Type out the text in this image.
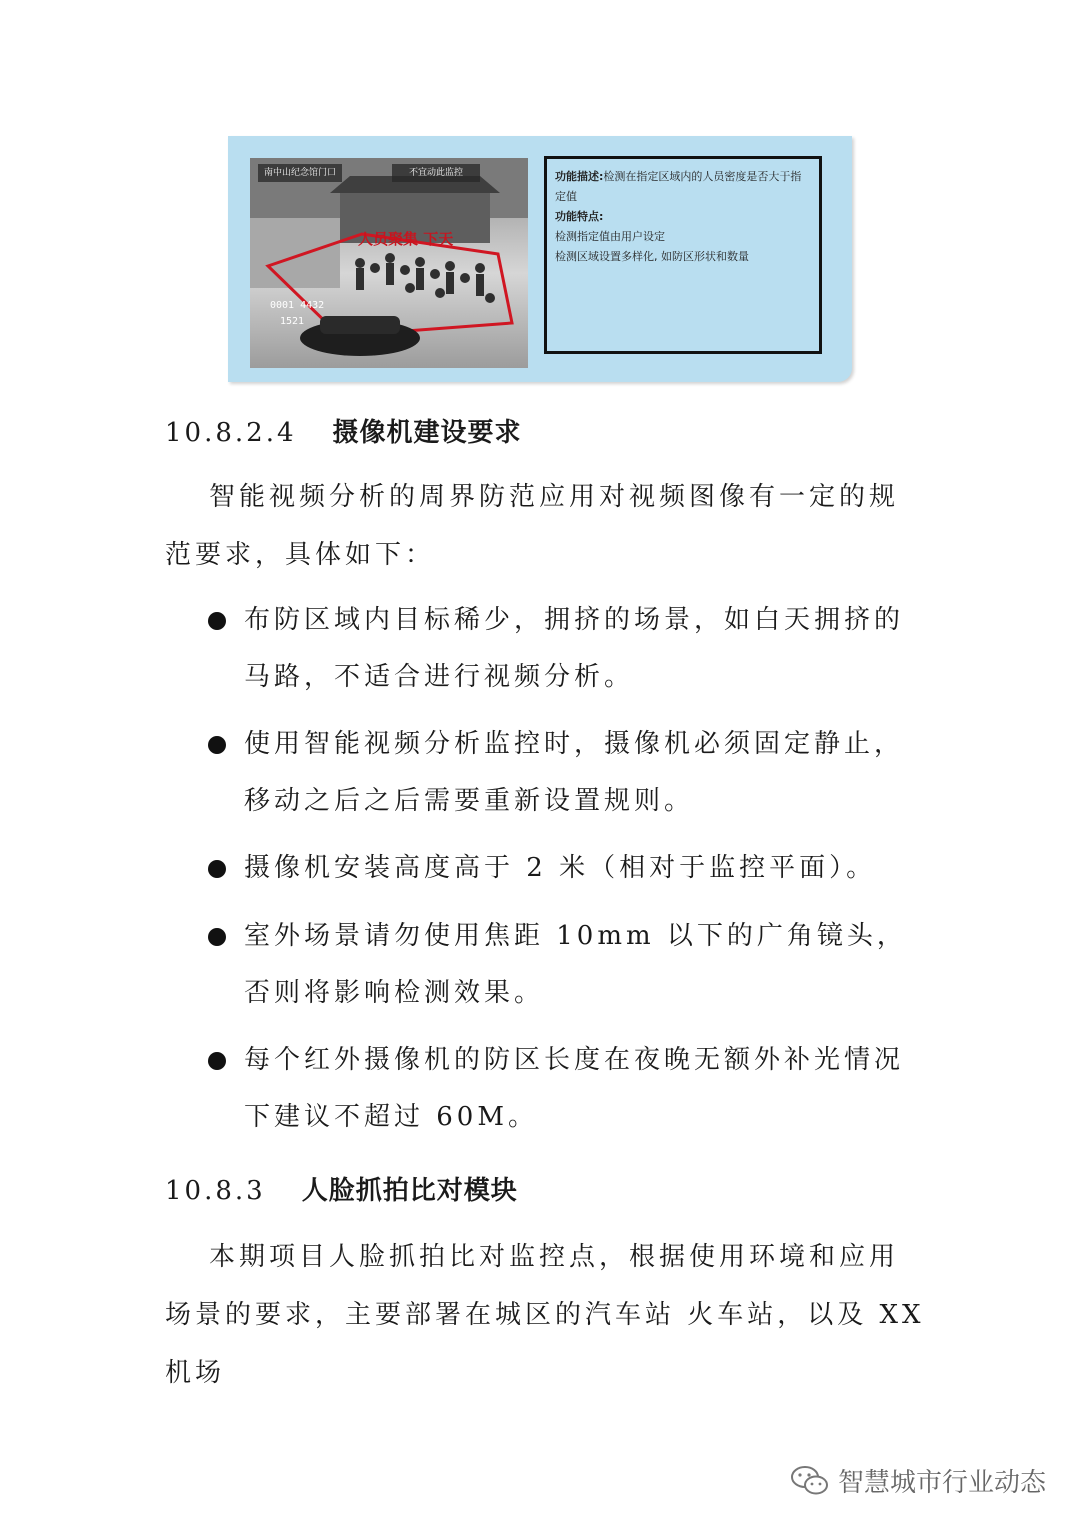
0001 4432
1521
南中山纪念馆门口	不宜动此监控
人员聚集 下天
功能描述:检测在指定区域内的人员密度是否大于指定值
功能特点:
检测指定值由用户设定
检测区域设置多样化, 如防区形状和数量
10.8.2.4 摄像机建设要求
智能视频分析的周界防范应用对视频图像有一定的规范要求，具体如下：
布防区域内目标稀少，拥挤的场景，如白天拥挤的马路，不适合进行视频分析。
使用智能视频分析监控时，摄像机必须固定静止，移动之后之后需要重新设置规则。
摄像机安装高度高于 2 米（相对于监控平面）。
室外场景请勿使用焦距 10mm 以下的广角镜头，否则将影响检测效果。
每个红外摄像机的防区长度在夜晚无额外补光情况下建议不超过 60M。
10.8.3 人脸抓拍比对模块
本期项目人脸抓拍比对监控点，根据使用环境和应用场景的要求，主要部署在城区的汽车站 火车站，以及 XX 机场
智慧城市行业动态
